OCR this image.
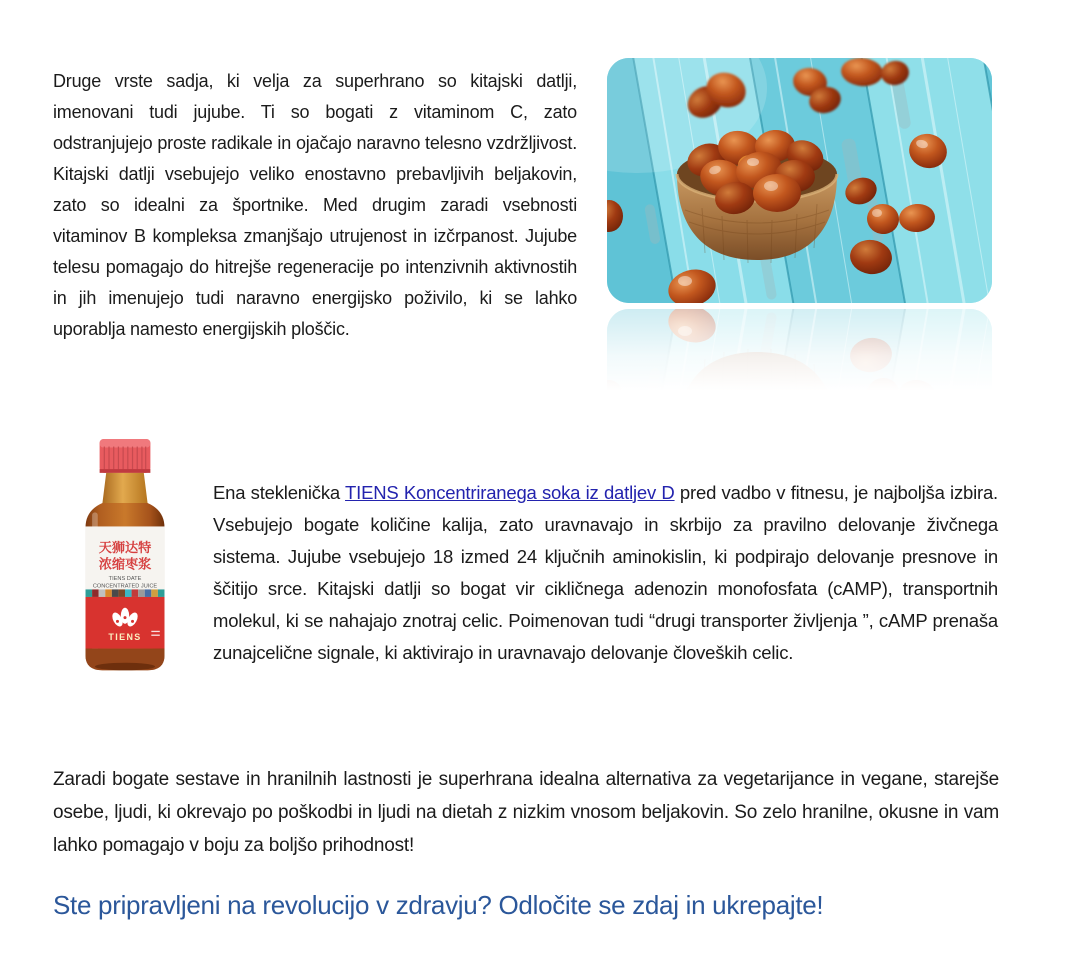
Druge vrste sadja, ki velja za superhrano so kitajski datlji, imenovani tudi jujube. Ti so bogati z vitaminom C, zato odstranjujejo proste radikale in ojačajo naravno telesno vzdržljivost. Kitajski datlji vsebujejo veliko enostavno prebavljivih beljakovin, zato so idealni za športnike. Med drugim zaradi vsebnosti vitaminov B kompleksa zmanjšajo utrujenost in izčrpanost. Jujube telesu pomagajo do hitrejše regeneracije po intenzivnih aktivnostih in jih imenujejo tudi naravno energijsko poživilo, ki se lahko uporablja namesto energijskih ploščic.

天狮达特
浓缩枣浆
TIENS DATE
CONCENTRATED JUICE
TIENS

Ena steklenička TIENS Koncentriranega soka iz datljev D pred vadbo v fitnesu, je najboljša izbira. Vsebujejo bogate količine kalija, zato uravnavajo in skrbijo za pravilno delovanje živčnega sistema. Jujube vsebujejo 18 izmed 24 ključnih aminokislin, ki podpirajo delovanje presnove in ščitijo srce. Kitajski datlji so bogat vir cikličnega adenozin monofosfata (cAMP), transportnih molekul, ki se nahajajo znotraj celic. Poimenovan tudi “drugi transporter življenja ”, cAMP prenaša zunajcelične signale, ki aktivirajo in uravnavajo delovanje človeških celic.

Zaradi bogate sestave in hranilnih lastnosti je superhrana idealna alternativa za vegetarijance in vegane, starejše osebe, ljudi, ki okrevajo po poškodbi in ljudi na dietah z nizkim vnosom beljakovin. So zelo hranilne, okusne in vam lahko pomagajo v boju za boljšo prihodnost!

Ste pripravljeni na revolucijo v zdravju? Odločite se zdaj in ukrepajte!
